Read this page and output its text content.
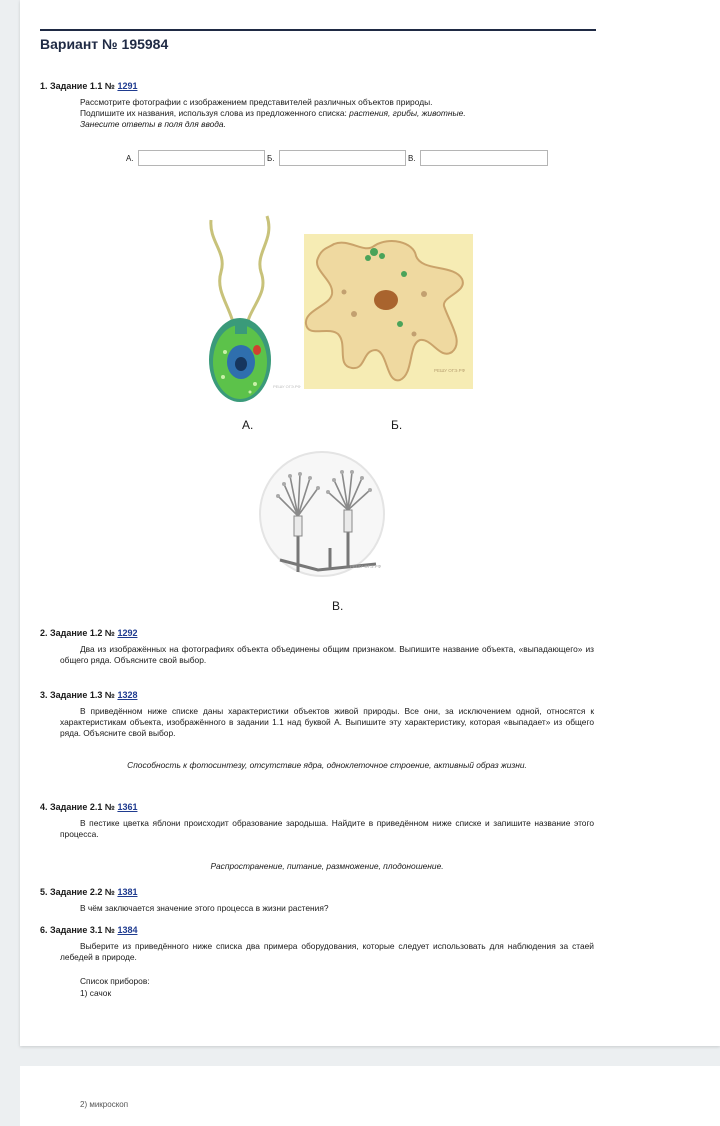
Вариант № 195984
1. Задание 1.1 № 1291
Рассмотрите фотографии с изображением представителей различных объектов природы.
Подпишите их названия, используя слова из предложенного списка: растения, грибы, животные.
Занесите ответы в поля для ввода.
А.	Б.	В.
РЕШУ ОГЭ.РФ
А.
РЕШУ ОГЭ.РФ
Б.
РЕШУ ОГЭ.РФ
В.
2. Задание 1.2 № 1292
Два из изображённых на фотографиях объекта объединены общим признаком. Выпишите название объекта, «выпадающего» из общего ряда. Объясните свой выбор.
3. Задание 1.3 № 1328
В приведённом ниже списке даны характеристики объектов живой природы. Все они, за исключением одной, относятся к характеристикам объекта, изображённого в задании 1.1 над буквой А. Выпишите эту характеристику, которая «выпадает» из общего ряда. Объясните свой выбор.
Способность к фотосинтезу, отсутствие ядра, одноклеточное строение, активный образ жизни.
4. Задание 2.1 № 1361
В пестике цветка яблони происходит образование зародыша. Найдите в приведённом ниже списке и запишите название этого процесса.
Распространение, питание, размножение, плодоношение.
5. Задание 2.2 № 1381
В чём заключается значение этого процесса в жизни растения?
6. Задание 3.1 № 1384
Выберите из приведённого ниже списка два примера оборудования, которые следует использовать для наблюдения за стаей лебедей в природе.
Список приборов:
1) сачок
2) микроскоп
